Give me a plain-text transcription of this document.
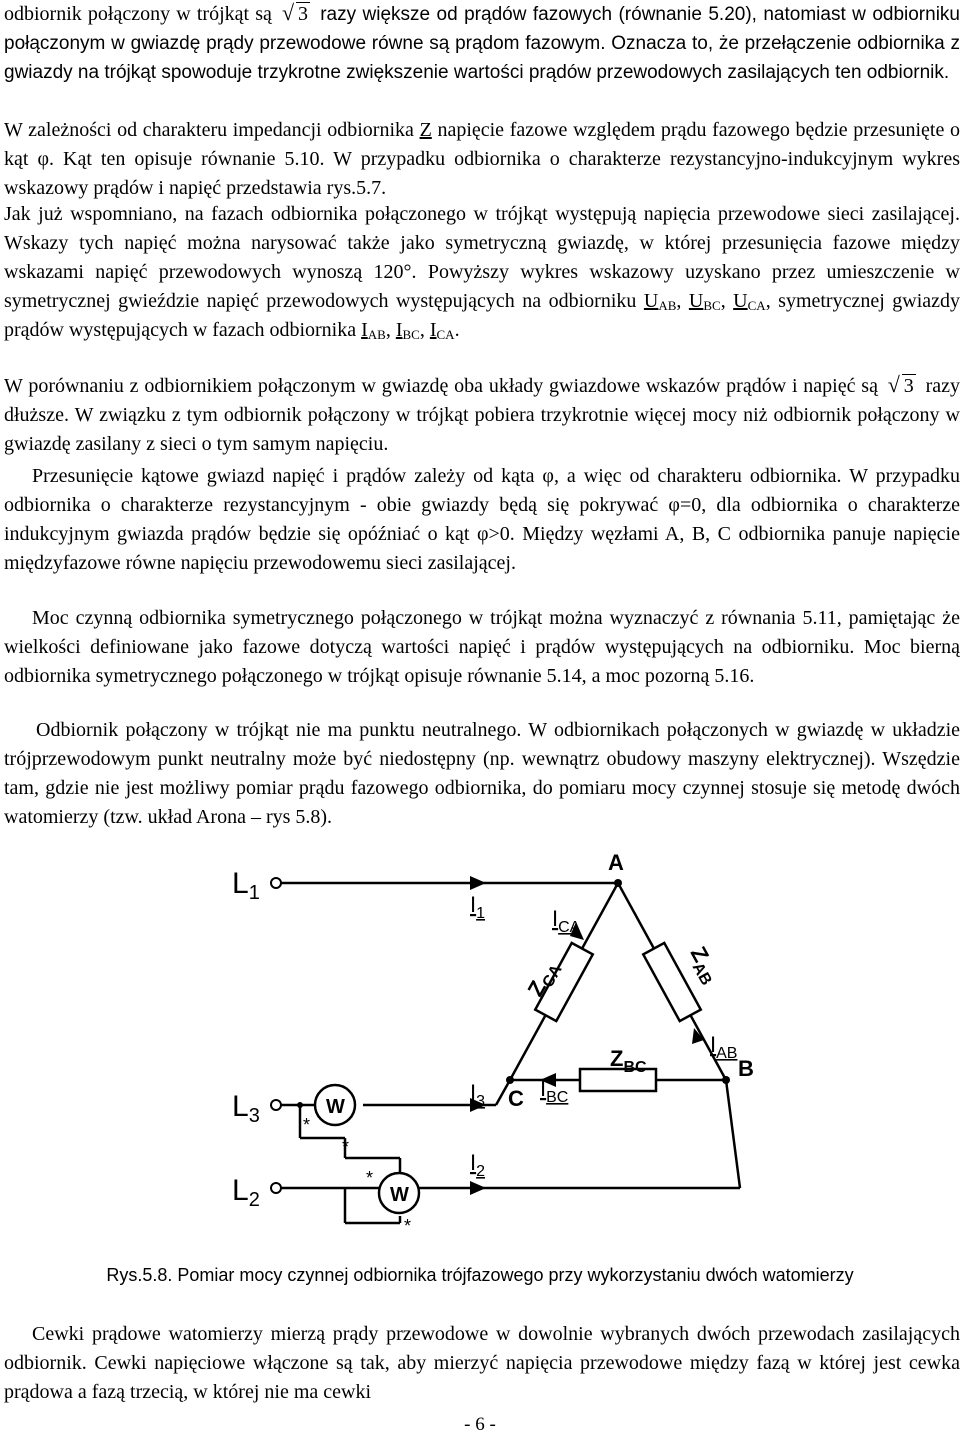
odbiornik połączony w trójkąt są √ 3 razy większe od prądów fazowych (równanie 5.20), natomiast w odbiorniku połączonym w gwiazdę prądy przewodowe równe są prądom fazowym. Oznacza to, że przełączenie odbiornika z gwiazdy na trójkąt spowoduje trzykrotne zwiększenie wartości prądów przewodowych zasilających ten odbiornik.

W zależności od charakteru impedancji odbiornika Z napięcie fazowe względem prądu fazowego będzie przesunięte o kąt φ. Kąt ten opisuje równanie 5.10. W przypadku odbiornika o charakterze rezystancyjno-indukcyjnym wykres wskazowy prądów i napięć przedstawia rys.5.7.

Jak już wspomniano, na fazach odbiornika połączonego w trójkąt występują napięcia przewodowe sieci zasilającej. Wskazy tych napięć można narysować także jako symetryczną gwiazdę, w której przesunięcia fazowe między wskazami napięć przewodowych wynoszą 120°. Powyższy wykres wskazowy uzyskano przez umieszczenie w symetrycznej gwieździe napięć przewodowych występujących na odbiorniku $U_{AB}$, $U_{BC}$, $U_{CA}$, symetrycznej gwiazdy prądów występujących w fazach odbiornika $I_{AB}$, $I_{BC}$, $I_{CA}$.

W porównaniu z odbiornikiem połączonym w gwiazdę oba układy gwiazdowe wskazów prądów i napięć są √ 3 razy dłuższe. W związku z tym odbiornik połączony w trójkąt pobiera trzykrotnie więcej mocy niż odbiornik połączony w gwiazdę zasilany z sieci o tym samym napięciu.

Przesunięcie kątowe gwiazd napięć i prądów zależy od kąta φ, a więc od charakteru odbiornika. W przypadku odbiornika o charakterze rezystancyjnym - obie gwiazdy będą się pokrywać φ=0, dla odbiornika o charakterze indukcyjnym gwiazda prądów będzie się opóźniać o kąt φ>0. Między węzłami A, B, C odbiornika panuje napięcie międzyfazowe równe napięciu przewodowemu sieci zasilającej.

Moc czynną odbiornika symetrycznego połączonego w trójkąt można wyznaczyć z równania 5.11, pamiętając że wielkości definiowane jako fazowe dotyczą wartości napięć i prądów występujących na odbiorniku. Moc bierną odbiornika symetrycznego połączonego w trójkąt opisuje równanie 5.14, a moc pozorną 5.16.

Odbiornik połączony w trójkąt nie ma punktu neutralnego. W odbiornikach połączonych w gwiazdę w układzie trójprzewodowym punkt neutralny może być niedostępny (np. wewnątrz obudowy maszyny elektrycznej). Wszędzie tam, gdzie nie jest możliwy pomiar prądu fazowego odbiornika, do pomiaru mocy czynnej stosuje się metodę dwóch watomierzy (tzw. układ Arona – rys 5.8).

$L_1$
$L_3$
$L_2$
A
B
C
$I_1$	$I_{CA}$
$I_{AB}$
$I_3$
$I_{BC}$
$I_2$
$Z_{CA}$
$Z_{AB}$
$Z_{BC}$
W
W
*
*
*
*
Rys.5.8. Pomiar mocy czynnej odbiornika trójfazowego przy wykorzystaniu dwóch watomierzy

Cewki prądowe watomierzy mierzą prądy przewodowe w dowolnie wybranych dwóch przewodach zasilających odbiornik. Cewki napięciowe włączone są tak, aby mierzyć napięcia przewodowe między fazą w której jest cewka prądowa a fazą trzecią, w której nie ma cewki

- 6 -
